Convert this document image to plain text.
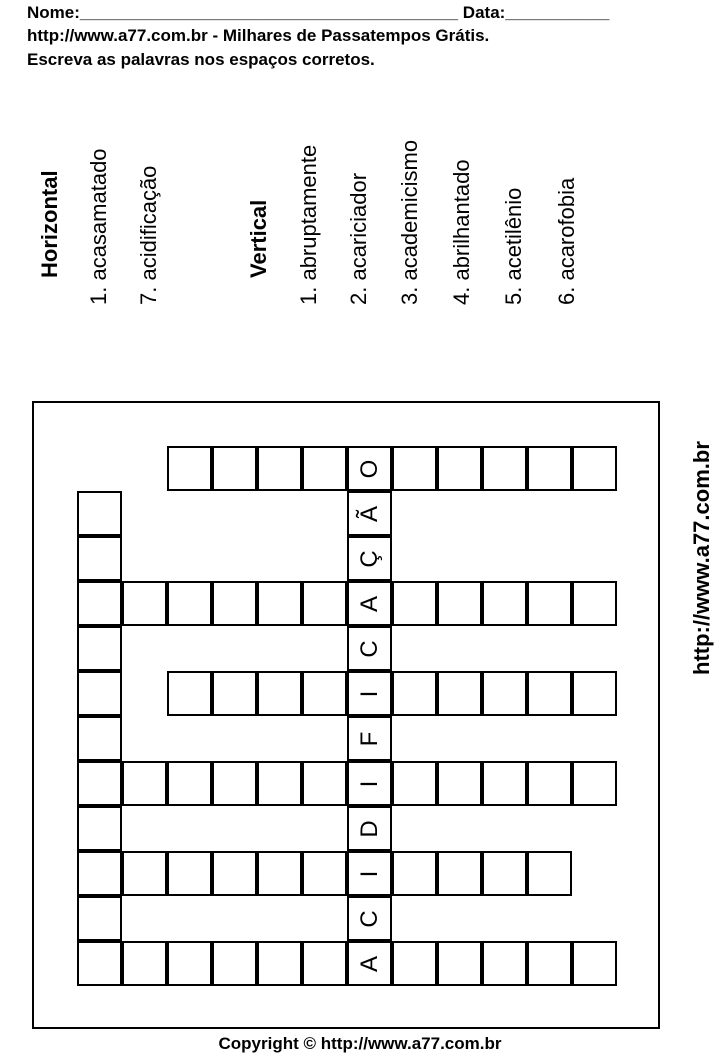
Nome:________________________________________ Data:___________
http://www.a77.com.br - Milhares de Passatempos Grátis.
Escreva as palavras nos espaços corretos.
Horizontal 1. acasamatado 7. acidificação	Vertical 1. abruptamente 2. acariciador 3. academicismo 4. abrilhantado 5. acetilênio 6. acarofobia
http://www.a77.com.br
A
C
I
D
I
F
I
C
A
Ç
Ã
O
Copyright © http://www.a77.com.br
